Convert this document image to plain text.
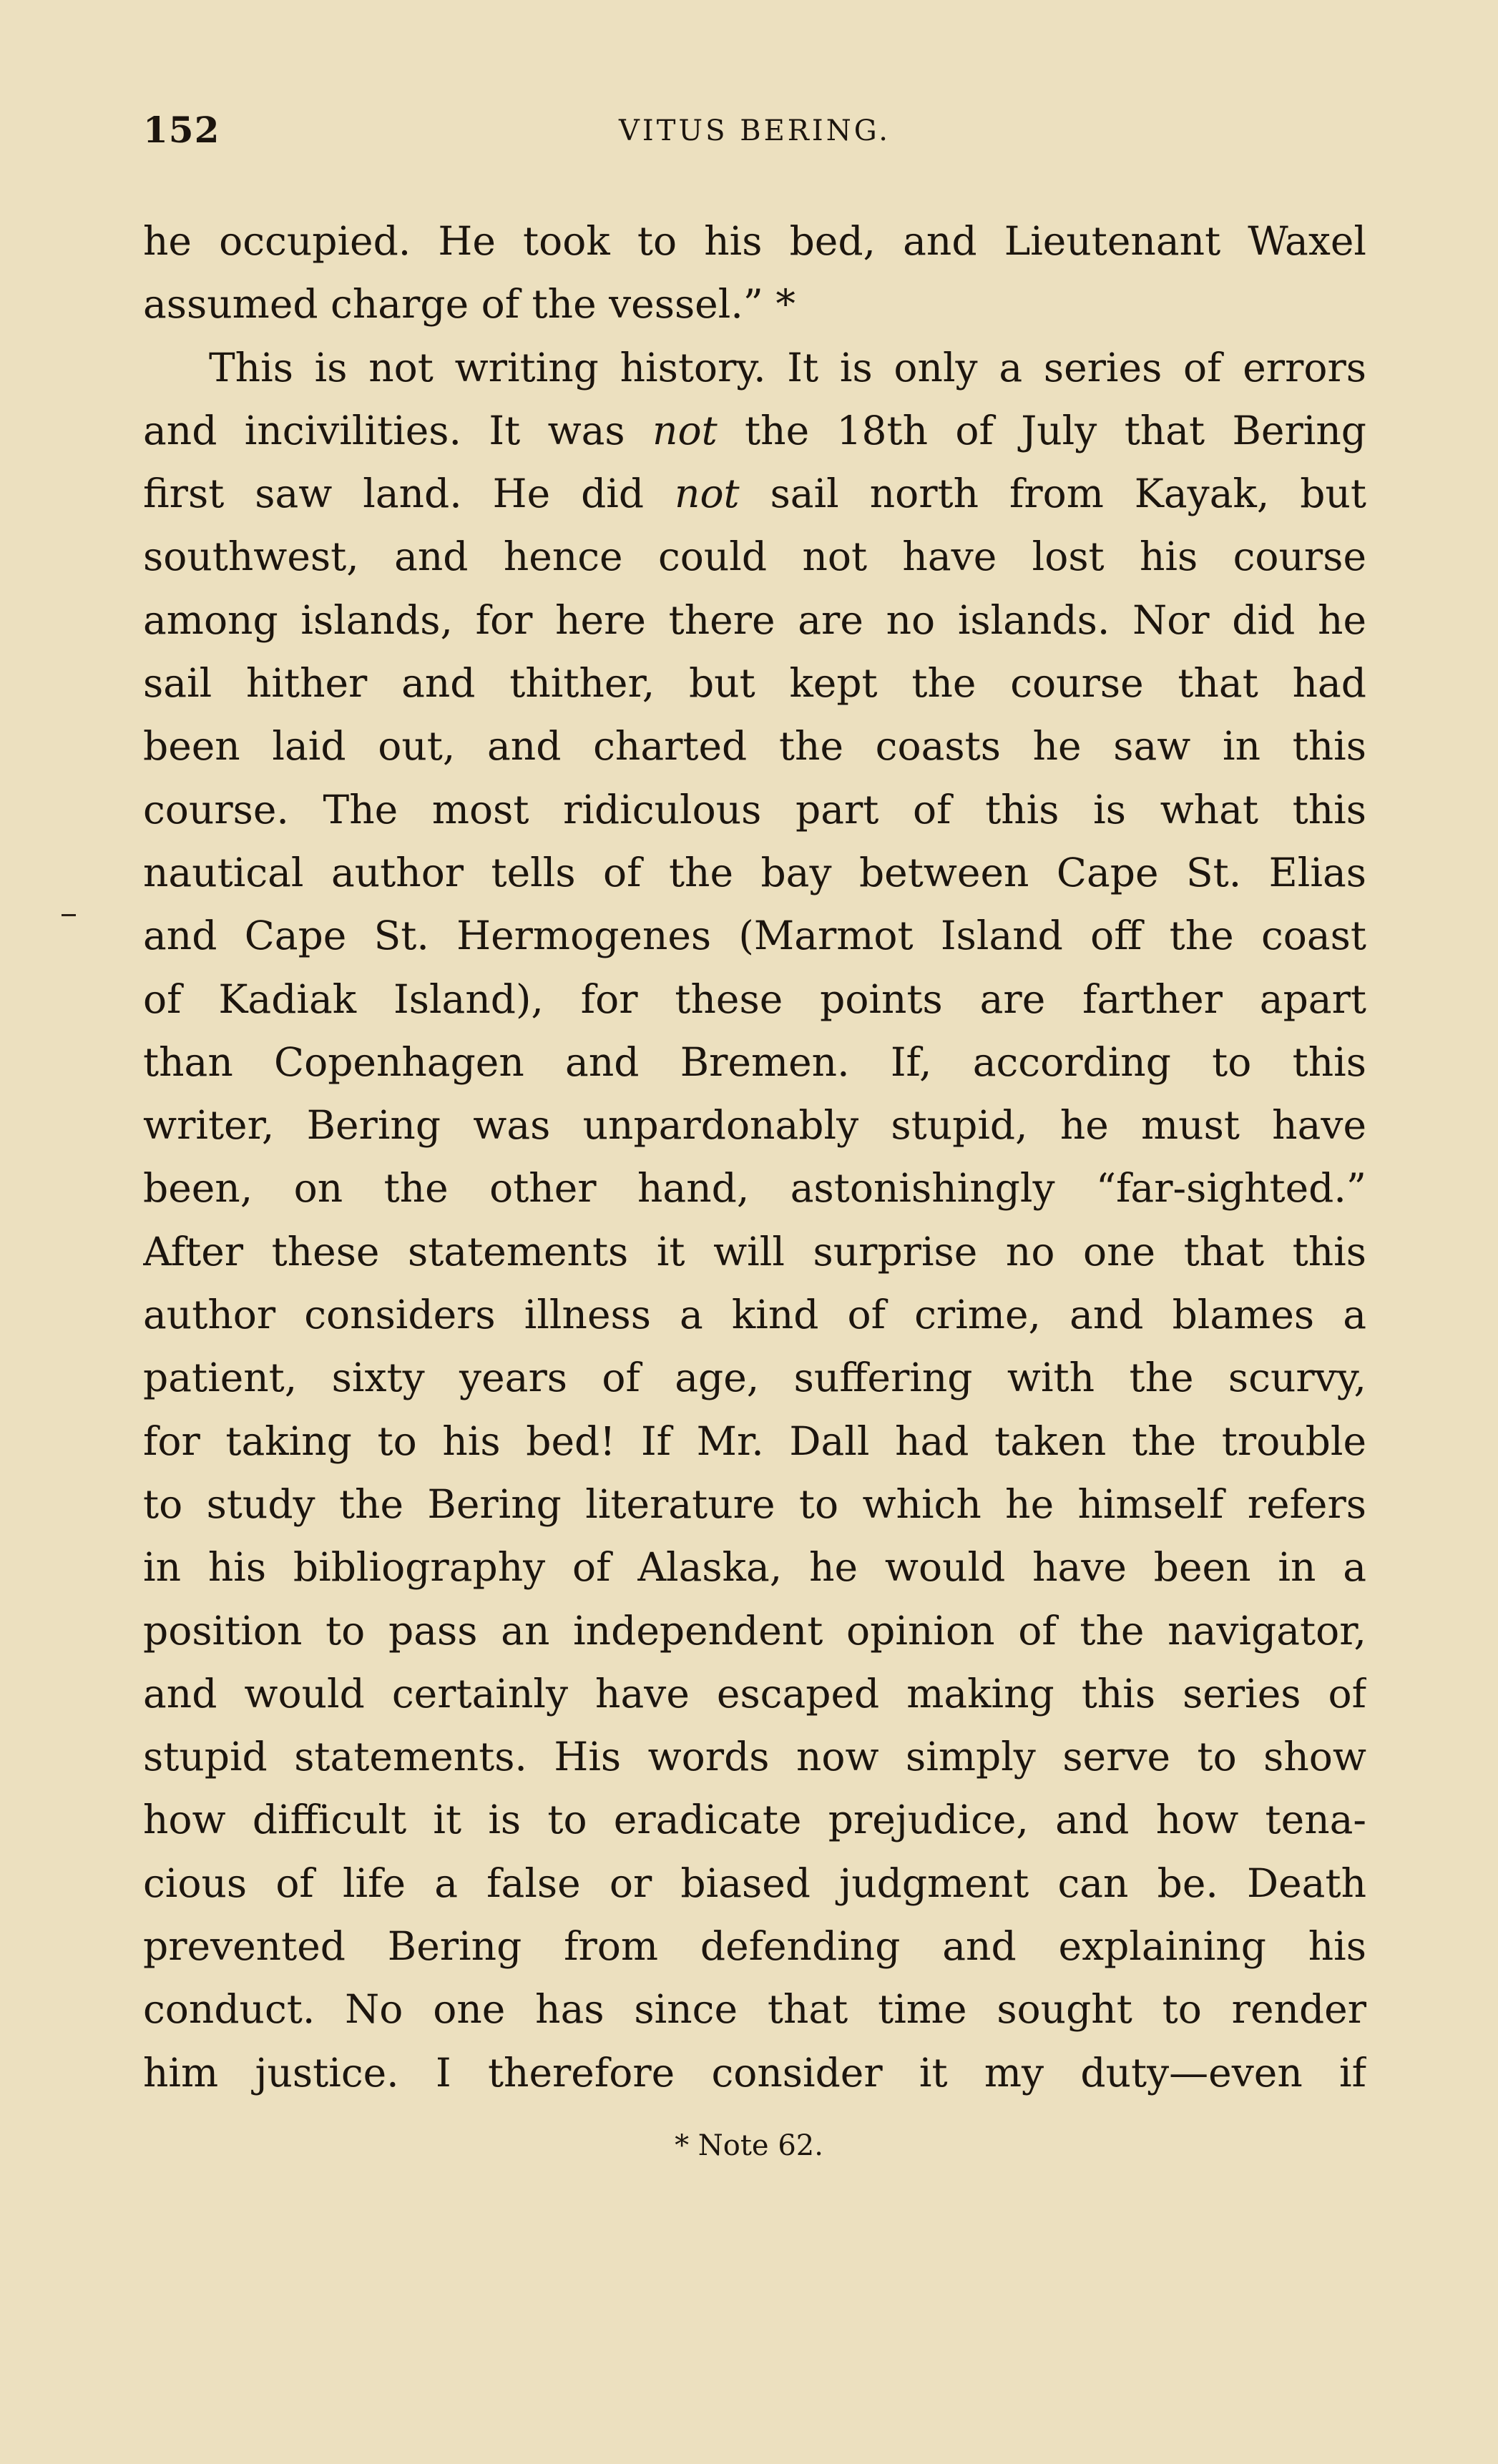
152	VITUS BERING.
he occupied. He took to his bed, and Lieutenant Waxel
assumed charge of the vessel.” *
This is not writing history. It is only a series of errors
and incivilities. It was not the 18th of July that Bering
first saw land. He did not sail north from Kayak, but
southwest, and hence could not have lost his course
among islands, for here there are no islands. Nor did he
sail hither and thither, but kept the course that had
been laid out, and charted the coasts he saw in this
course. The most ridiculous part of this is what this
nautical author tells of the bay between Cape St. Elias
and Cape St. Hermogenes (Marmot Island off the coast
of Kadiak Island), for these points are farther apart
than Copenhagen and Bremen. If, according to this
writer, Bering was unpardonably stupid, he must have
been, on the other hand, astonishingly “far-sighted.”
After these statements it will surprise no one that this
author considers illness a kind of crime, and blames a
patient, sixty years of age, suffering with the scurvy,
for taking to his bed! If Mr. Dall had taken the trouble
to study the Bering literature to which he himself refers
in his bibliography of Alaska, he would have been in a
position to pass an independent opinion of the navigator,
and would certainly have escaped making this series of
stupid statements. His words now simply serve to show
how difficult it is to eradicate prejudice, and how tena-
cious of life a false or biased judgment can be. Death
prevented Bering from defending and explaining his
conduct. No one has since that time sought to render
him justice. I therefore consider it my duty—even if
* Note 62.
